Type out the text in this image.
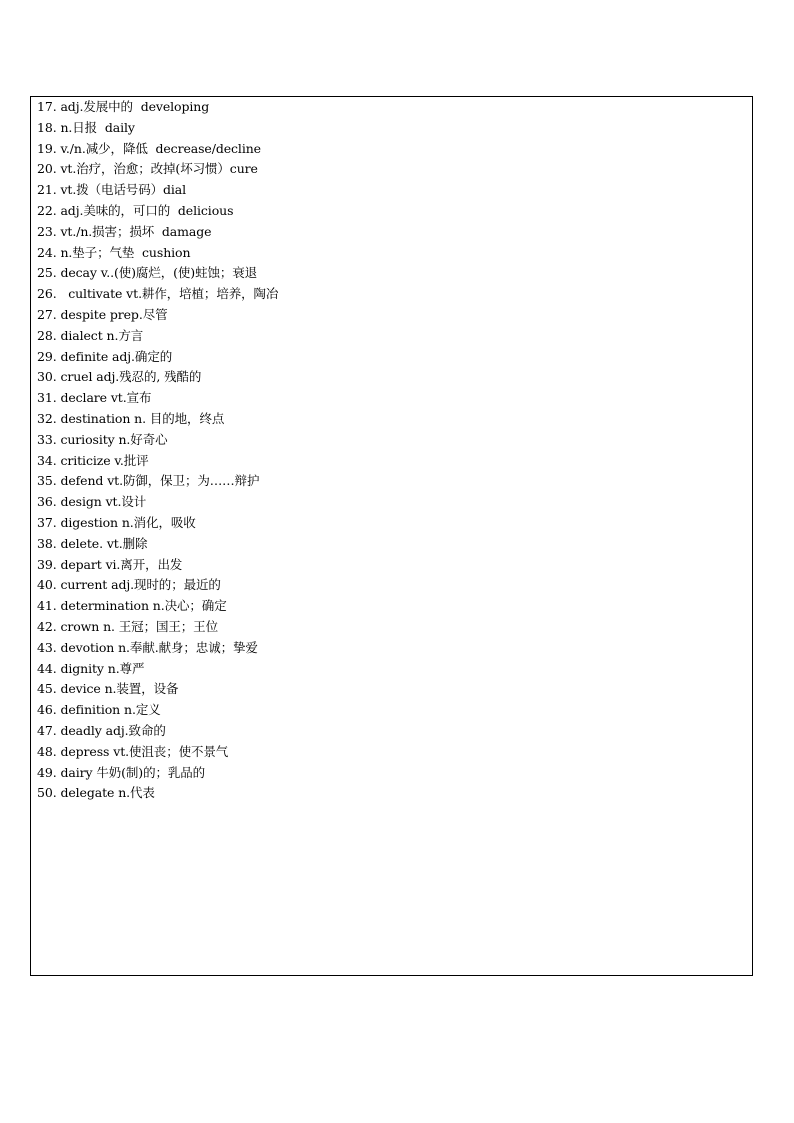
17. adj.发展中的  developing
18. n.日报  daily
19. v./n.减少，降低  decrease/decline
20. vt.治疗，治愈；改掉(坏习惯）cure
21. vt.拨（电话号码）dial
22. adj.美味的，可口的  delicious
23. vt./n.损害；损坏  damage
24. n.垫子；气垫  cushion
25. decay v..(使)腐烂，(使)蛀蚀；衰退
26.   cultivate vt.耕作，培植；培养，陶冶
27. despite prep.尽管
28. dialect n.方言
29. definite adj.确定的
30. cruel adj.残忍的, 残酷的
31. declare vt.宣布
32. destination n. 目的地，终点
33. curiosity n.好奇心
34. criticize v.批评
35. defend vt.防御，保卫；为……辩护
36. design vt.设计
37. digestion n.消化，吸收
38. delete. vt.删除
39. depart vi.离开，出发
40. current adj.现时的；最近的
41. determination n.决心；确定
42. crown n. 王冠；国王；王位
43. devotion n.奉献.献身；忠诚；挚爱
44. dignity n.尊严
45. device n.装置，设备
46. definition n.定义
47. deadly adj.致命的
48. depress vt.使沮丧；使不景气
49. dairy 牛奶(制)的；乳品的
50. delegate n.代表
